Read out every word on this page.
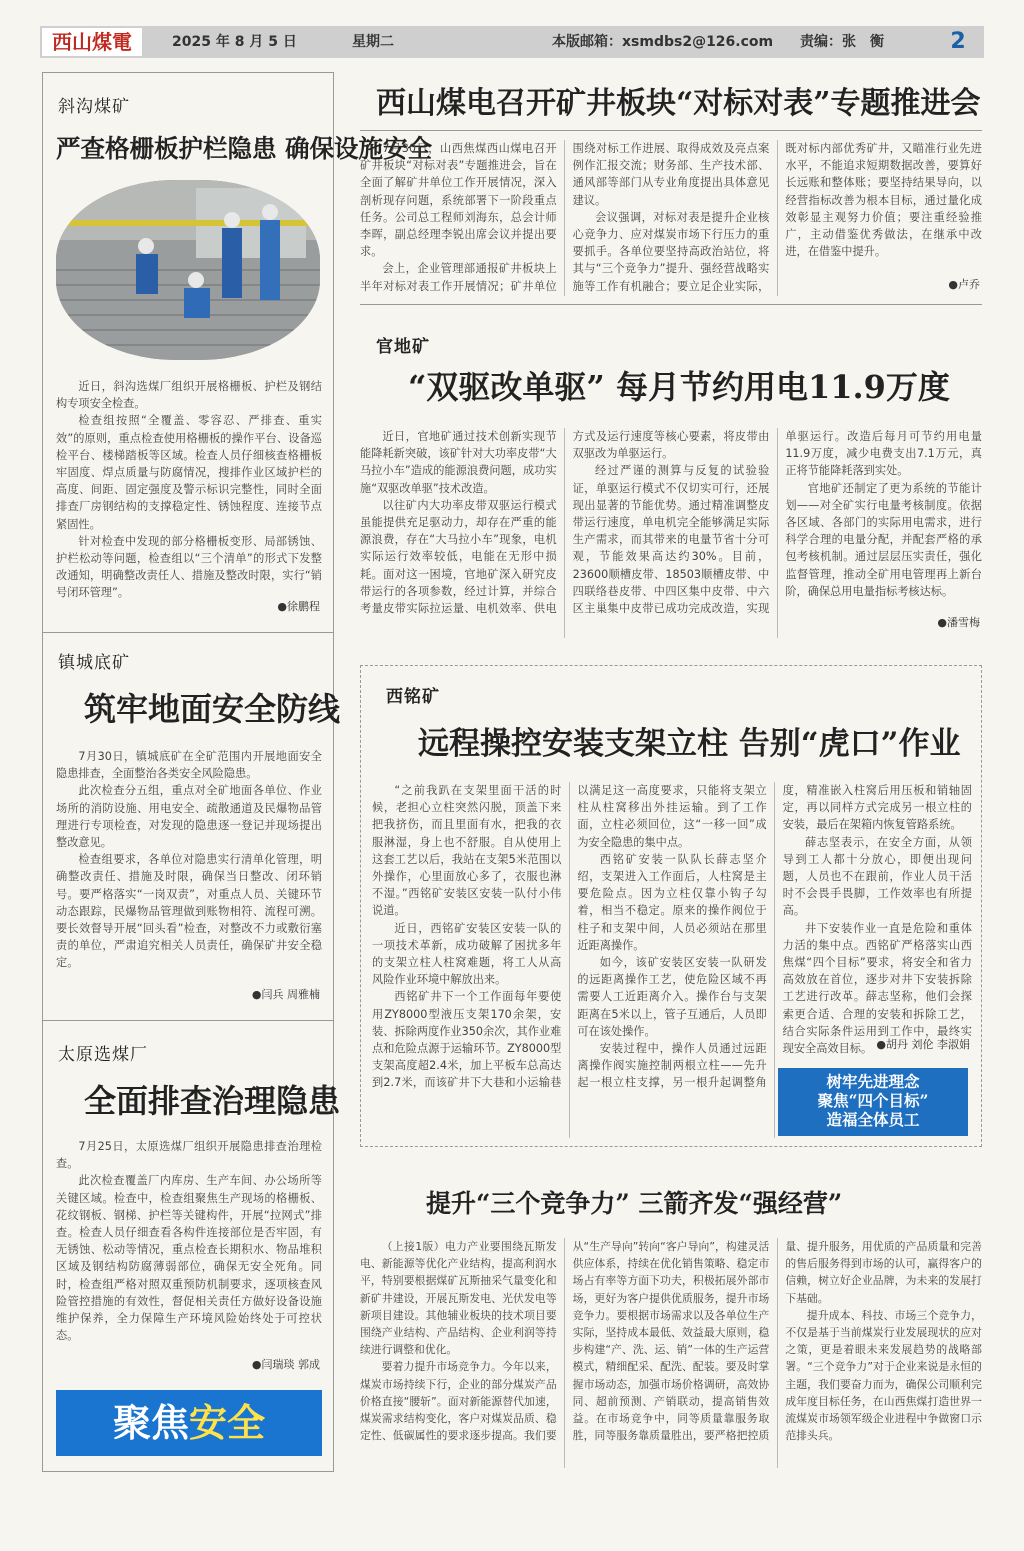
西山煤電	2025 年 8 月 5 日	星期二	本版邮箱：xsmdbs2@126.com 责编：张　衡	2
斜沟煤矿
严查格栅板护栏隐患 确保设施安全

近日，斜沟选煤厂组织开展格栅板、护栏及钢结构专项安全检查。

检查组按照“全覆盖、零容忍、严排查、重实效”的原则，重点检查使用格栅板的操作平台、设备巡检平台、楼梯踏板等区域。检查人员仔细核查格栅板牢固度、焊点质量与防腐情况，搜排作业区域护栏的高度、间距、固定强度及警示标识完整性，同时全面排查厂房钢结构的支撑稳定性、锈蚀程度、连接节点紧固性。

针对检查中发现的部分格栅板变形、局部锈蚀、护栏松动等问题，检查组以“三个清单”的形式下发整改通知，明确整改责任人、措施及整改时限，实行“销号闭环管理”。

●徐鹏程
镇城底矿
筑牢地面安全防线

7月30日，镇城底矿在全矿范围内开展地面安全隐患排查，全面整治各类安全风险隐患。

此次检查分五组，重点对全矿地面各单位、作业场所的消防设施、用电安全、疏散通道及民爆物品管理进行专项检查，对发现的隐患逐一登记并现场提出整改意见。

检查组要求，各单位对隐患实行清单化管理，明确整改责任、措施及时限，确保当日整改、闭环销号。要严格落实“一岗双责”，对重点人员、关键环节动态跟踪，民爆物品管理做到账物相符、流程可溯。要长效督导开展“回头看”检查，对整改不力或敷衍塞责的单位，严肃追究相关人员责任，确保矿井安全稳定。

●闫兵 周雅楠
太原选煤厂
全面排查治理隐患

7月25日，太原选煤厂组织开展隐患排查治理检查。

此次检查覆盖厂内库房、生产车间、办公场所等关键区域。检查中，检查组聚焦生产现场的格栅板、花纹钢板、钢梯、护栏等关键构件，开展“拉网式”排查。检查人员仔细查看各构件连接部位是否牢固，有无锈蚀、松动等情况，重点检查长期积水、物品堆积区域及钢结构防腐薄弱部位，确保无安全死角。同时，检查组严格对照双重预防机制要求，逐项核查风险管控措施的有效性，督促相关责任方做好设备设施维护保养，全力保障生产环境风险始终处于可控状态。

●闫瑞琰 郭成
聚焦安全
西山煤电召开矿井板块“对标对表”专题推进会

7月30日，山西焦煤西山煤电召开矿井板块“对标对表”专题推进会，旨在全面了解矿井单位工作开展情况，深入剖析现存问题，系统部署下一阶段重点任务。公司总工程师刘海东，总会计师李晖，副总经理李锐出席会议并提出要求。

会上，企业管理部通报矿井板块上半年对标对表工作开展情况；矿井单位围绕对标工作进展、取得成效及亮点案例作汇报交流；财务部、生产技术部、通风部等部门从专业角度提出具体意见建议。

会议强调，对标对表是提升企业核心竞争力、应对煤炭市场下行压力的重要抓手。各单位要坚持高政治站位，将其与“三个竞争力”提升、强经营战略实施等工作有机融合；要立足企业实际，既对标内部优秀矿井，又瞄准行业先进水平，不能追求短期数据改善，要算好长远账和整体账；要坚持结果导向，以经营指标改善为根本目标，通过量化成效彰显主观努力价值；要注重经验推广，主动借鉴优秀做法，在继承中改进，在借鉴中提升。

●卢乔
官地矿
“双驱改单驱” 每月节约用电11.9万度

近日，官地矿通过技术创新实现节能降耗新突破，该矿针对大功率皮带“大马拉小车”造成的能源浪费问题，成功实施“双驱改单驱”技术改造。

以往矿内大功率皮带双驱运行模式虽能提供充足驱动力，却存在严重的能源浪费，存在“大马拉小车”现象，电机实际运行效率较低，电能在无形中损耗。面对这一困境，官地矿深入研究皮带运行的各项参数，经过计算，并综合考量皮带实际拉运量、电机效率、供电方式及运行速度等核心要素，将皮带由双驱改为单驱运行。

经过严谨的测算与反复的试验验证，单驱运行模式不仅切实可行，还展现出显著的节能优势。通过精准调整皮带运行速度，单电机完全能够满足实际生产需求，而其带来的电量节省十分可观，节能效果高达约30%。目前，23600顺槽皮带、18503顺槽皮带、中四联络巷皮带、中四区集中皮带、中六区主巢集中皮带已成功完成改造，实现单驱运行。改造后每月可节约用电量11.9万度，减少电费支出7.1万元，真正将节能降耗落到实处。

官地矿还制定了更为系统的节能计划——对全矿实行电量考核制度。依据各区域、各部门的实际用电需求，进行科学合理的电量分配，并配套严格的承包考核机制。通过层层压实责任，强化监督管理，推动全矿用电管理再上新台阶，确保总用电量指标考核达标。

●潘雪梅
西铭矿
远程操控安装支架立柱 告别“虎口”作业

“之前我趴在支架里面干活的时候，老担心立柱突然闪脱，顶盖下来把我挤伤，而且里面有水，把我的衣服淋湿，身上也不舒服。自从使用上这套工艺以后，我站在支架5米范围以外操作，心里面放心多了，衣服也淋不湿。”西铭矿安装区安装一队付小伟说道。

近日，西铭矿安装区安装一队的一项技术革新，成功破解了困扰多年的支架立柱人柱窝难题，将工人从高风险作业环境中解放出来。

西铭矿井下一个工作面每年要使用ZY8000型液压支架170余架，安装、拆除两度作业350余次，其作业难点和危险点源于运输环节。ZY8000型支架高度超2.4米，加上平板车总高达到2.7米，而该矿井下大巷和小运输巷以满足这一高度要求，只能将支架立柱从柱窝移出外挂运输。到了工作面，立柱必须回位，这“一移一回”成为安全隐患的集中点。

西铭矿安装一队队长薛志坚介绍，支架进入工作面后，人柱窝是主要危险点。因为立柱仅靠小钩子勾着，相当不稳定。原来的操作阀位于柱子和支架中间，人员必须站在那里近距离操作。

如今，该矿安装区安装一队研发的远距离操作工艺，使危险区域不再需要人工近距离介入。操作台与支架距离在5米以上，管子互通后，人员即可在该处操作。

安装过程中，操作人员通过远距离操作阀实施控制两根立柱——先升起一根立柱支撑，另一根升起调整角度，精准嵌入柱窝后用压板和销轴固定，再以同样方式完成另一根立柱的安装，最后在架箱内恢复管路系统。

薛志坚表示，在安全方面，从领导到工人都十分放心，即便出现问题，人员也不在跟前，作业人员干活时不会畏手畏脚，工作效率也有所提高。

井下安装作业一直是危险和重体力活的集中点。西铭矿严格落实山西焦煤“四个目标”要求，将安全和省力高效放在首位，逐步对井下安装拆除工艺进行改革。薛志坚称，他们会探索更合适、合理的安装和拆除工艺，结合实际条件运用到工作中，最终实现安全高效目标。 ●胡丹 刘伦 李淑娟
树牢先进理念
聚焦“四个目标”
造福全体员工
提升“三个竞争力” 三箭齐发“强经营”

（上接1版）电力产业要围绕瓦斯发电、新能源等优化产业结构，提高利润水平，特别要根据煤矿瓦斯抽采气量变化和新矿井建设，开展瓦斯发电、光伏发电等新项目建设。其他辅业板块的技术项目要围绕产业结构、产品结构、企业利润等持续进行调整和优化。

要着力提升市场竞争力。今年以来，煤炭市场持续下行，企业的部分煤炭产品价格直接“腰斩”。面对新能源替代加速，煤炭需求结构变化，客户对煤炭品质、稳定性、低碳属性的要求逐步提高。我们要从“生产导向”转向“客户导向”，构建灵活供应体系，持续在优化销售策略、稳定市场占有率等方面下功夫，积极拓展外部市场，更好为客户提供优质服务，提升市场竞争力。要根据市场需求以及各单位生产实际，坚持成本最低、效益最大原则，稳步构建“产、洗、运、销”一体的生产运营模式，精细配采、配洗、配装。要及时掌握市场动态，加强市场价格调研，高效协同、超前预测、产销联动，提高销售效益。在市场竞争中，同等质量靠服务取胜，同等服务靠质量胜出，要严格把控质量、提升服务，用优质的产品质量和完善的售后服务得到市场的认可，赢得客户的信赖，树立好企业品牌，为未来的发展打下基础。

提升成本、科技、市场三个竞争力，不仅是基于当前煤炭行业发展现状的应对之策，更是着眼未来发展趋势的战略部署。“三个竞争力”对于企业来说是永恒的主题，我们要奋力而为，确保公司顺利完成年度目标任务，在山西焦煤打造世界一流煤炭市场领军级企业进程中争做窗口示范排头兵。
